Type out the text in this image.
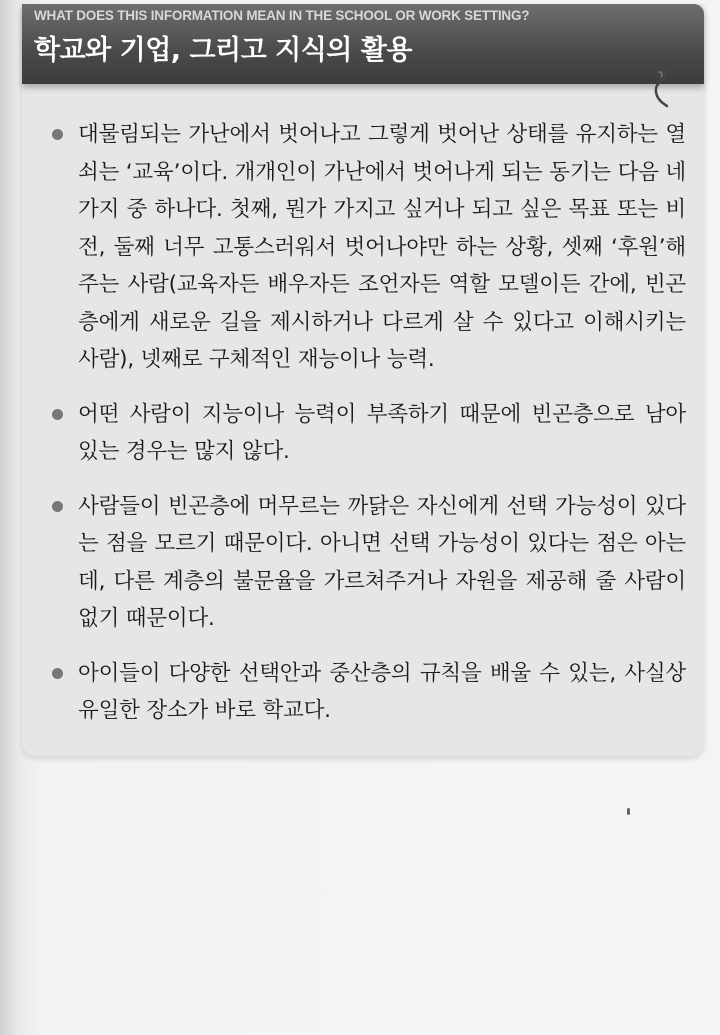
WHAT DOES THIS INFORMATION MEAN IN THE SCHOOL OR WORK SETTING?
학교와 기업, 그리고 지식의 활용
대물림되는 가난에서 벗어나고 그렇게 벗어난 상태를 유지하는 열쇠는 ‘교육’이다. 개개인이 가난에서 벗어나게 되는 동기는 다음 네 가지 중 하나다. 첫째, 뭔가 가지고 싶거나 되고 싶은 목표 또는 비전, 둘째 너무 고통스러워서 벗어나야만 하는 상황, 셋째 ‘후원’해 주는 사람(교육자든 배우자든 조언자든 역할 모델이든 간에, 빈곤층에게 새로운 길을 제시하거나 다르게 살 수 있다고 이해시키는 사람), 넷째로 구체적인 재능이나 능력.
어떤 사람이 지능이나 능력이 부족하기 때문에 빈곤층으로 남아 있는 경우는 많지 않다.
사람들이 빈곤층에 머무르는 까닭은 자신에게 선택 가능성이 있다는 점을 모르기 때문이다. 아니면 선택 가능성이 있다는 점은 아는데, 다른 계층의 불문율을 가르쳐주거나 자원을 제공해 줄 사람이 없기 때문이다.
아이들이 다양한 선택안과 중산층의 규칙을 배울 수 있는, 사실상 유일한 장소가 바로 학교다.
